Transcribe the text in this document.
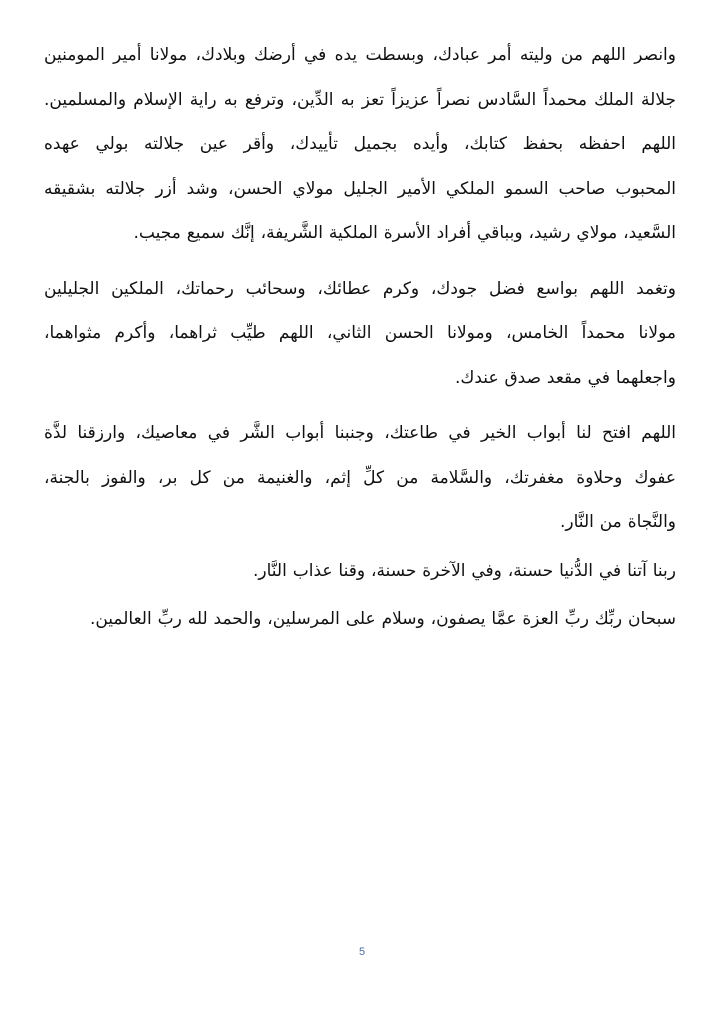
وانصر اللهم من وليته أمر عبادك، وبسطت يده في أرضك وبلادك، مولانا أمير المومنين
جلالة الملك محمداً السَّادس نصراً عزيزاً تعز به الدِّين، وترفع به راية الإسلام والمسلمين.
اللهم احفظه بحفظ كتابك، وأيده بجميل تأييدك، وأقر عين جلالته بولي عهده
المحبوب صاحب السمو الملكي الأمير الجليل مولاي الحسن، وشد أزر جلالته بشقيقه
السَّعيد، مولاي رشيد، وبباقي أفراد الأسرة الملكية الشَّريفة، إنَّك سميع مجيب.

وتغمد اللهم بواسع فضل جودك، وكرم عطائك، وسحائب رحماتك، الملكين الجليلين
مولانا محمداً الخامس، ومولانا الحسن الثاني، اللهم طيِّب ثراهما، وأكرم مثواهما،
واجعلهما في مقعد صدق عندك.

اللهم افتح لنا أبواب الخير في طاعتك، وجنبنا أبواب الشَّر في معاصيك، وارزقنا لذَّة
عفوك وحلاوة مغفرتك، والسَّلامة من كلِّ إثم، والغنيمة من كل بر، والفوز بالجنة،
والنَّجاة من النَّار.

ربنا آتنا في الدُّنيا حسنة، وفي الآخرة حسنة، وقنا عذاب النَّار.

سبحان ربِّك ربِّ العزة عمَّا يصفون، وسلام على المرسلين، والحمد لله ربِّ العالمين.

5
